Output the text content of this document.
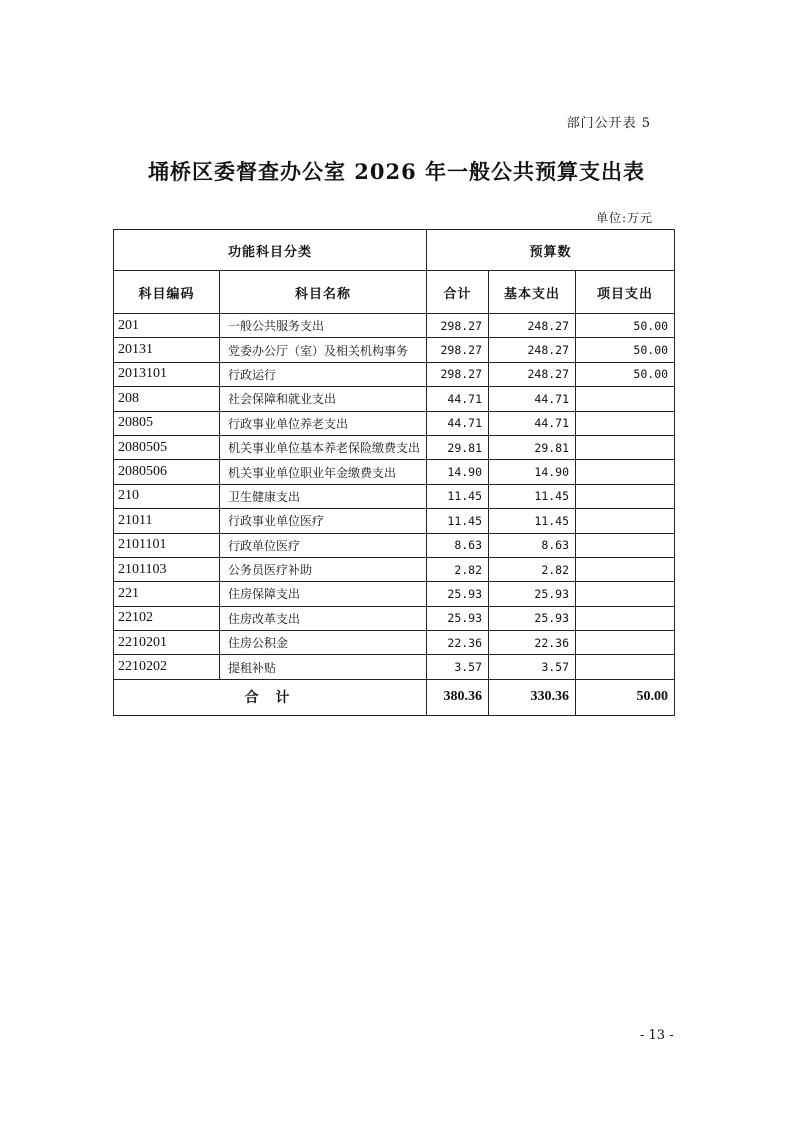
部门公开表 5
埇桥区委督查办公室 2026 年一般公共预算支出表
单位:万元
功能科目分类		预算数		
科目编码	科目名称	合计	基本支出	项目支出
201	一般公共服务支出	298.27	248.27	50.00
20131	党委办公厅（室）及相关机构事务	298.27	248.27	50.00
2013101	行政运行	298.27	248.27	50.00
208	社会保障和就业支出	44.71	44.71	
20805	行政事业单位养老支出	44.71	44.71	
2080505	机关事业单位基本养老保险缴费支出	29.81	29.81	
2080506	机关事业单位职业年金缴费支出	14.90	14.90	
210	卫生健康支出	11.45	11.45	
21011	行政事业单位医疗	11.45	11.45	
2101101	行政单位医疗	8.63	8.63	
2101103	公务员医疗补助	2.82	2.82	
221	住房保障支出	25.93	25.93	
22102	住房改革支出	25.93	25.93	
2210201	住房公积金	22.36	22.36	
2210202	提租补贴	3.57	3.57	
合 计		380.36	330.36	50.00
- 13 -
